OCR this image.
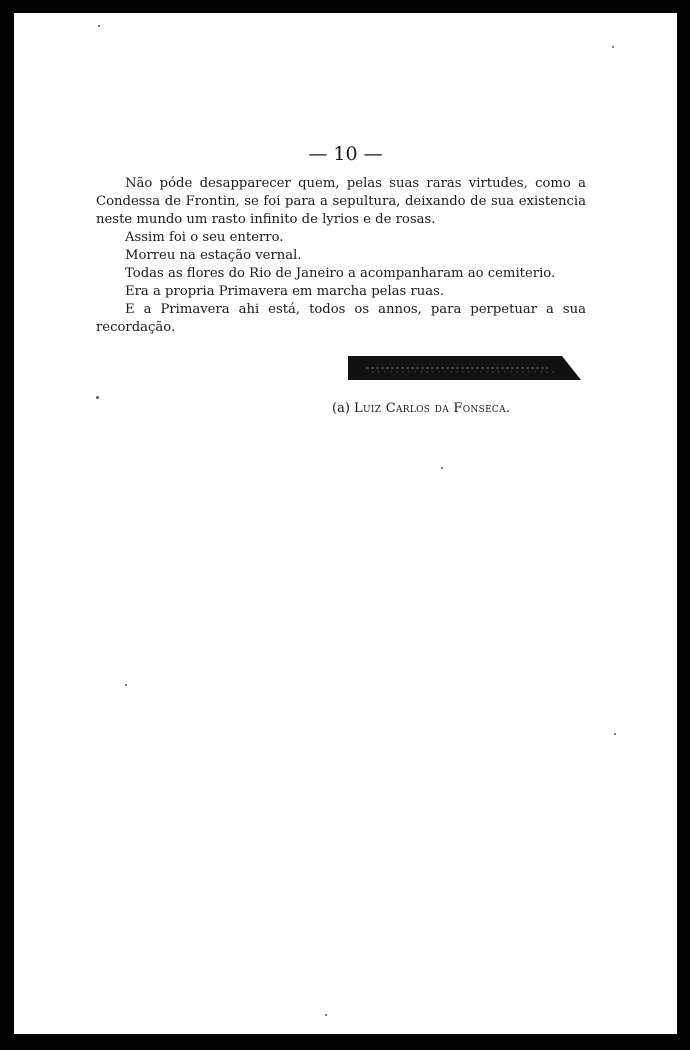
— 10 —

Não póde desapparecer quem, pelas suas raras virtudes, como a Condessa de Frontin, se foi para a sepultura, deixando de sua existencia neste mundo um rasto infinito de lyrios e de rosas.

Assim foi o seu enterro.

Morreu na estação vernal.

Todas as flores do Rio de Janeiro a acompanharam ao cemiterio.

Era a propria Primavera em marcha pelas ruas.

E a Primavera ahi está, todos os annos, para perpetuar a sua recordação.

(a) Luiz Carlos da Fonseca.
